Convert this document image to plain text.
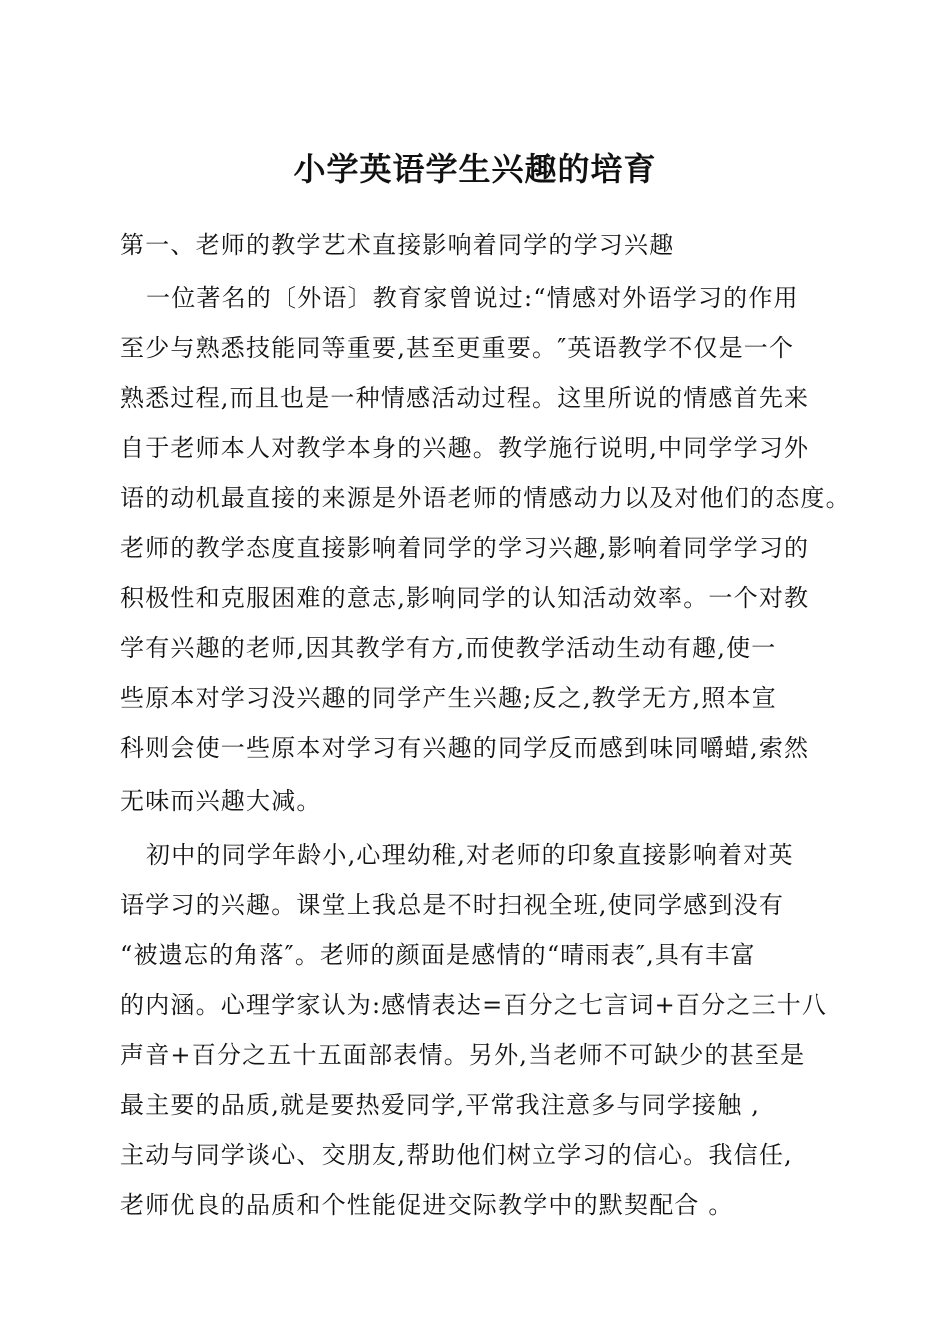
小学英语学生兴趣的培育
第一、老师的教学艺术直接影响着同学的学习兴趣
一位著名的〔外语〕教育家曾说过:“情感对外语学习的作用
至少与熟悉技能同等重要,甚至更重要。″英语教学不仅是一个
熟悉过程,而且也是一种情感活动过程。这里所说的情感首先来
自于老师本人对教学本身的兴趣。教学施行说明,中同学学习外
语的动机最直接的来源是外语老师的情感动力以及对他们的态度。
老师的教学态度直接影响着同学的学习兴趣,影响着同学学习的
积极性和克服困难的意志,影响同学的认知活动效率。一个对教
学有兴趣的老师,因其教学有方,而使教学活动生动有趣,使一
些原本对学习没兴趣的同学产生兴趣;反之,教学无方,照本宣
科则会使一些原本对学习有兴趣的同学反而感到味同嚼蜡,索然
无味而兴趣大减。
初中的同学年龄小,心理幼稚,对老师的印象直接影响着对英
语学习的兴趣。课堂上我总是不时扫视全班,使同学感到没有
“被遗忘的角落″。老师的颜面是感情的“晴雨表″,具有丰富
的内涵。心理学家认为:感情表达=百分之七言词+百分之三十八
声音+百分之五十五面部表情。另外,当老师不可缺少的甚至是
最主要的品质,就是要热爱同学,平常我注意多与同学接触 ,
主动与同学谈心、交朋友,帮助他们树立学习的信心。我信任,
老师优良的品质和个性能促进交际教学中的默契配合 。
